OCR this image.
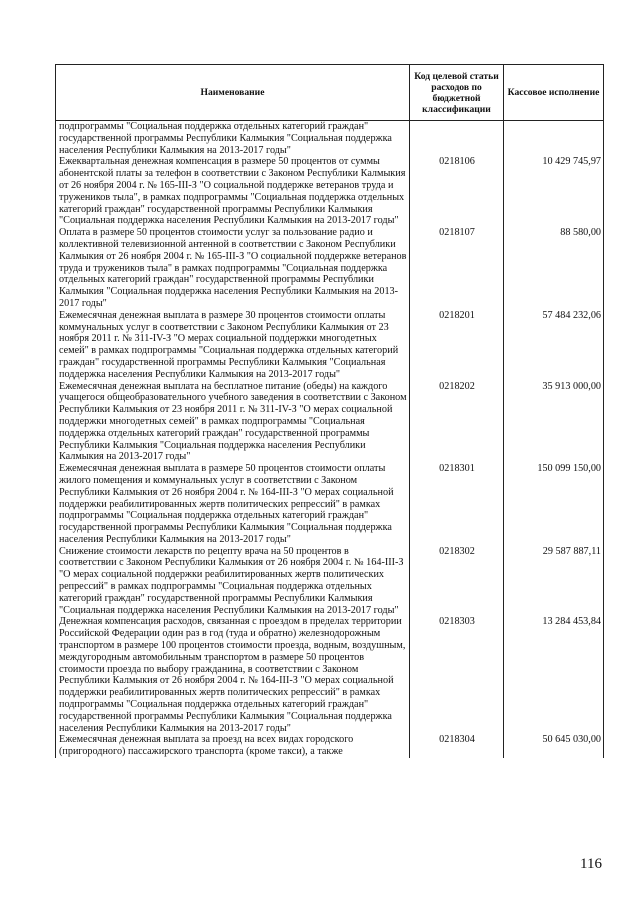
Наименование	Код целевой статьи расходов по бюджетной классификации	Кассовое исполнение
подпрограммы "Социальная поддержка отдельных категорий граждан" государственной программы Республики Калмыкия "Социальная поддержка населения Республики Калмыкия на 2013-2017 годы"		
Ежеквартальная денежная компенсация в размере 50 процентов от суммы абонентской платы за телефон в соответствии с Законом Республики Калмыкия от 26 ноября 2004 г. № 165-III-З "О социальной поддержке ветеранов труда и тружеников тыла", в рамках подпрограммы "Социальная поддержка отдельных категорий граждан" государственной программы Республики Калмыкия "Социальная поддержка населения Республики Калмыкия на 2013-2017 годы"	0218106	10 429 745,97
Оплата в размере 50 процентов стоимости услуг за пользование радио и коллективной телевизионной антенной в соответствии с Законом Республики Калмыкия от 26 ноября 2004 г. № 165-III-З "О социальной поддержке ветеранов труда и тружеников тыла" в рамках подпрограммы "Социальная поддержка отдельных категорий граждан" государственной программы Республики Калмыкия "Социальная поддержка населения Республики Калмыкия на 2013-2017 годы"	0218107	88 580,00
Ежемесячная денежная выплата в размере 30 процентов стоимости оплаты коммунальных услуг в соответствии с Законом Республики Калмыкия от 23 ноября 2011 г. № 311-IV-З "О мерах социальной поддержки многодетных семей" в рамках подпрограммы "Социальная поддержка отдельных категорий граждан" государственной программы Республики Калмыкия "Социальная поддержка населения Республики Калмыкия на 2013-2017 годы"	0218201	57 484 232,06
Ежемесячная денежная выплата на бесплатное питание (обеды) на каждого учащегося общеобразовательного учебного заведения в соответствии с Законом Республики Калмыкия от 23 ноября 2011 г. № 311-IV-З "О мерах социальной поддержки многодетных семей" в рамках подпрограммы "Социальная поддержка отдельных категорий граждан" государственной программы Республики Калмыкия "Социальная поддержка населения Республики Калмыкия на 2013-2017 годы"	0218202	35 913 000,00
Ежемесячная денежная выплата в размере 50 процентов стоимости оплаты жилого помещения и коммунальных услуг в соответствии с Законом Республики Калмыкия от 26 ноября 2004 г. № 164-III-З "О мерах социальной поддержки реабилитированных жертв политических репрессий" в рамках подпрограммы "Социальная поддержка отдельных категорий граждан" государственной программы Республики Калмыкия "Социальная поддержка населения Республики Калмыкия на 2013-2017 годы"	0218301	150 099 150,00
Снижение стоимости лекарств по рецепту врача на 50 процентов в соответствии с Законом Республики Калмыкия от 26 ноября 2004 г. № 164-III-З "О мерах социальной поддержки реабилитированных жертв политических репрессий" в рамках подпрограммы "Социальная поддержка отдельных категорий граждан" государственной программы Республики Калмыкия "Социальная поддержка населения Республики Калмыкия на 2013-2017 годы"	0218302	29 587 887,11
Денежная компенсация расходов, связанная с проездом в пределах территории Российской Федерации один раз в год (туда и обратно) железнодорожным транспортом в размере 100 процентов стоимости проезда, водным, воздушным, междугородным автомобильным транспортом в размере 50 процентов стоимости проезда по выбору гражданина, в соответствии с Законом Республики Калмыкия от 26 ноября 2004 г. № 164-III-З "О мерах социальной поддержки реабилитированных жертв политических репрессий" в рамках подпрограммы "Социальная поддержка отдельных категорий граждан" государственной программы Республики Калмыкия "Социальная поддержка населения Республики Калмыкия на 2013-2017 годы"	0218303	13 284 453,84
Ежемесячная денежная выплата за проезд на всех видах городского (пригородного) пассажирского транспорта (кроме такси), а также	0218304	50 645 030,00
116
